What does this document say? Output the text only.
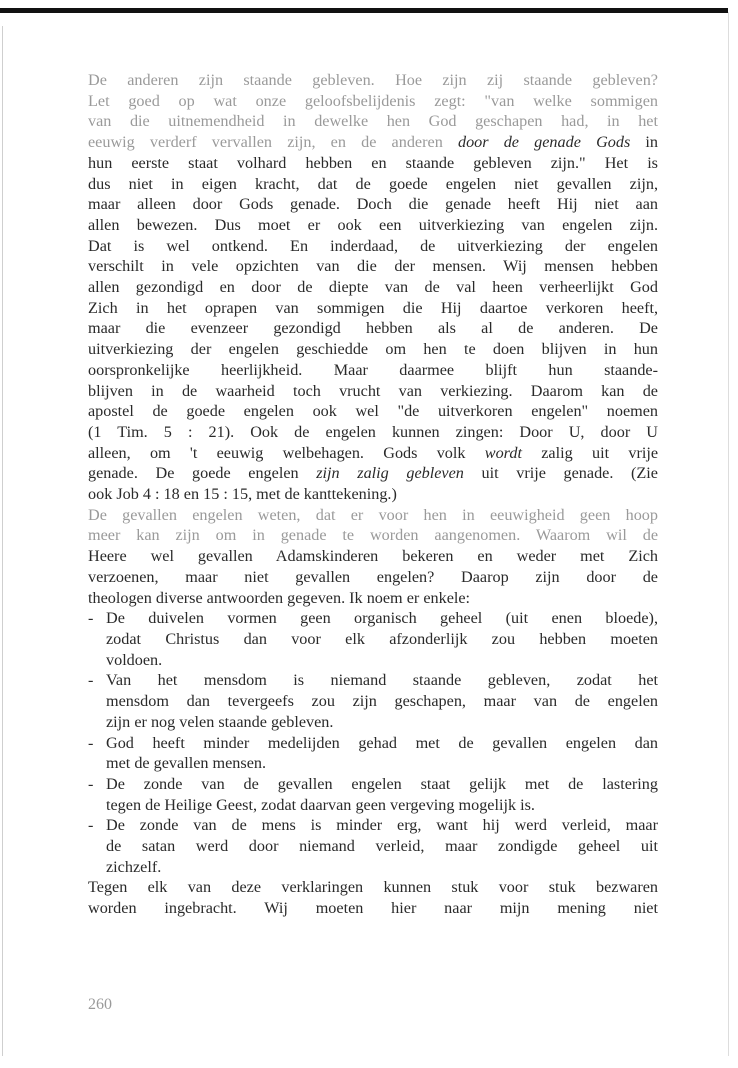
De anderen zijn staande gebleven. Hoe zijn zij staande gebleven?
Let goed op wat onze geloofsbelijdenis zegt: "van welke sommigen
van die uitnemendheid in dewelke hen God geschapen had, in het
eeuwig verderf vervallen zijn, en de anderen door de genade Gods in
hun eerste staat volhard hebben en staande gebleven zijn." Het is
dus niet in eigen kracht, dat de goede engelen niet gevallen zijn,
maar alleen door Gods genade. Doch die genade heeft Hij niet aan
allen bewezen. Dus moet er ook een uitverkiezing van engelen zijn.
Dat is wel ontkend. En inderdaad, de uitverkiezing der engelen
verschilt in vele opzichten van die der mensen. Wij mensen hebben
allen gezondigd en door de diepte van de val heen verheerlijkt God
Zich in het oprapen van sommigen die Hij daartoe verkoren heeft,
maar die evenzeer gezondigd hebben als al de anderen. De
uitverkiezing der engelen geschiedde om hen te doen blijven in hun
oorspronkelijke heerlijkheid. Maar daarmee blijft hun staande-
blijven in de waarheid toch vrucht van verkiezing. Daarom kan de
apostel de goede engelen ook wel "de uitverkoren engelen" noemen
(1 Tim. 5 : 21). Ook de engelen kunnen zingen: Door U, door U
alleen, om 't eeuwig welbehagen. Gods volk wordt zalig uit vrije
genade. De goede engelen zijn zalig gebleven uit vrije genade. (Zie
ook Job 4 : 18 en 15 : 15, met de kanttekening.)

De gevallen engelen weten, dat er voor hen in eeuwigheid geen hoop
meer kan zijn om in genade te worden aangenomen. Waarom wil de
Heere wel gevallen Adamskinderen bekeren en weder met Zich
verzoenen, maar niet gevallen engelen? Daarop zijn door de
theologen diverse antwoorden gegeven. Ik noem er enkele:

- De duivelen vormen geen organisch geheel (uit enen bloede),
zodat Christus dan voor elk afzonderlijk zou hebben moeten
voldoen.
- Van het mensdom is niemand staande gebleven, zodat het
mensdom dan tevergeefs zou zijn geschapen, maar van de engelen
zijn er nog velen staande gebleven.
- God heeft minder medelijden gehad met de gevallen engelen dan
met de gevallen mensen.
- De zonde van de gevallen engelen staat gelijk met de lastering
tegen de Heilige Geest, zodat daarvan geen vergeving mogelijk is.
- De zonde van de mens is minder erg, want hij werd verleid, maar
de satan werd door niemand verleid, maar zondigde geheel uit
zichzelf.

Tegen elk van deze verklaringen kunnen stuk voor stuk bezwaren
worden ingebracht. Wij moeten hier naar mijn mening niet

260
